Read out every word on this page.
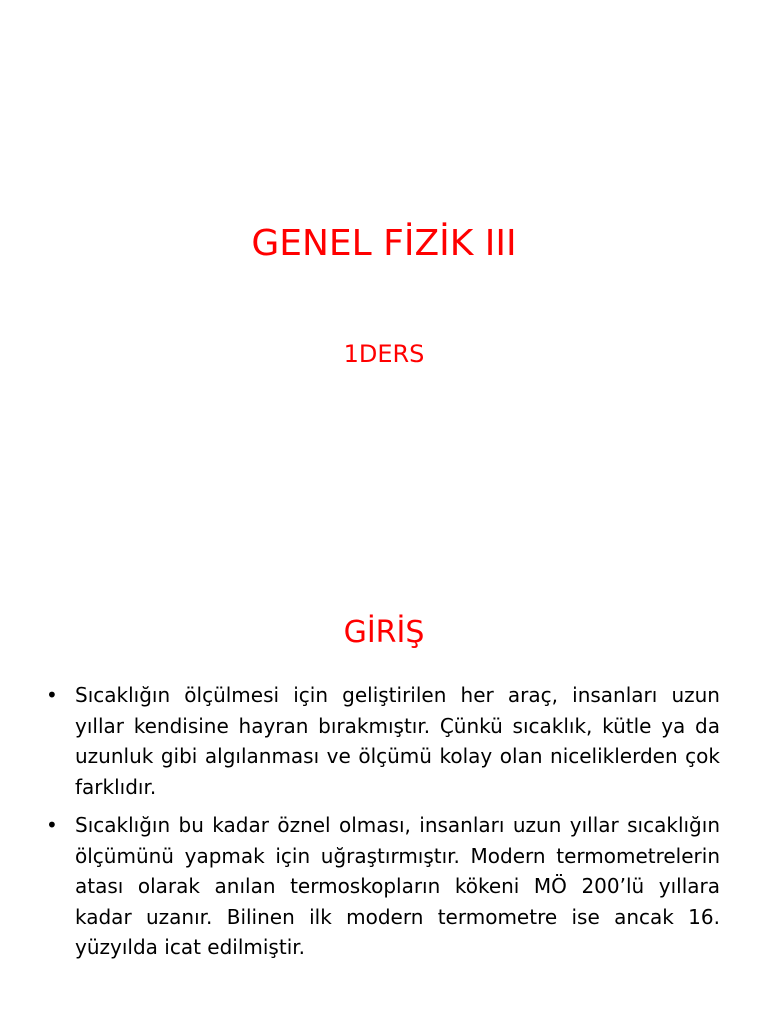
GENEL FİZİK III
1DERS
GİRİŞ
• Sıcaklığın ölçülmesi için geliştirilen her araç, insanları uzun yıllar kendisine hayran bırakmıştır. Çünkü sıcaklık, kütle ya da uzunluk gibi algılanması ve ölçümü kolay olan niceliklerden çok farklıdır.
• Sıcaklığın bu kadar öznel olması, insanları uzun yıllar sıcaklığın ölçümünü yapmak için uğraştırmıştır. Modern termometrelerin atası olarak anılan termoskopların kökeni MÖ 200’lü yıllara kadar uzanır. Bilinen ilk modern termometre ise ancak 16. yüzyılda icat edilmiştir.
